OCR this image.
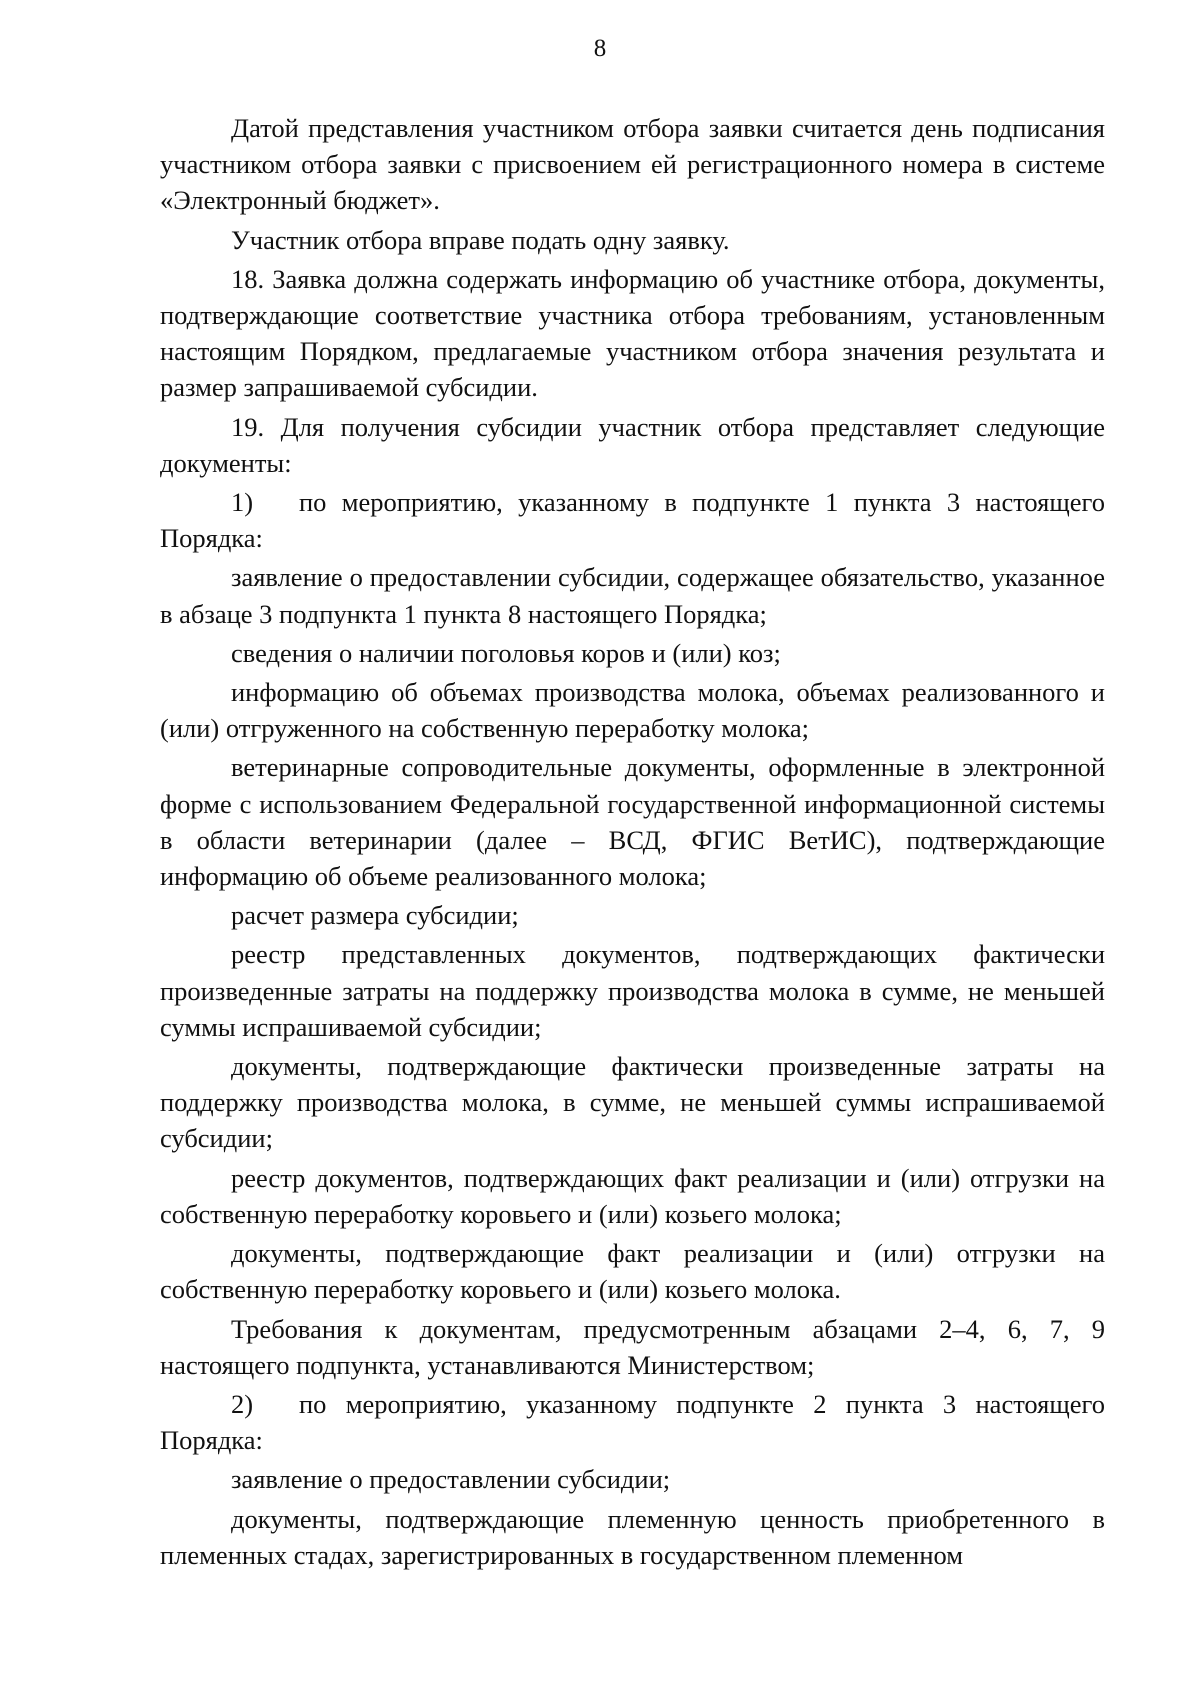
8

Датой представления участником отбора заявки считается день подписания участником отбора заявки с присвоением ей регистрационного номера в системе «Электронный бюджет».

Участник отбора вправе подать одну заявку.

18. Заявка должна содержать информацию об участнике отбора, документы, подтверждающие соответствие участника отбора требованиям, установленным настоящим Порядком, предлагаемые участником отбора значения результата и размер запрашиваемой субсидии.

19. Для получения субсидии участник отбора представляет следующие документы:

1) по мероприятию, указанному в подпункте 1 пункта 3 настоящего Порядка:

заявление о предоставлении субсидии, содержащее обязательство, указанное в абзаце 3 подпункта 1 пункта 8 настоящего Порядка;

сведения о наличии поголовья коров и (или) коз;

информацию об объемах производства молока, объемах реализованного и (или) отгруженного на собственную переработку молока;

ветеринарные сопроводительные документы, оформленные в электронной форме с использованием Федеральной государственной информационной системы в области ветеринарии (далее – ВСД, ФГИС ВетИС), подтверждающие информацию об объеме реализованного молока;

расчет размера субсидии;

реестр представленных документов, подтверждающих фактически произведенные затраты на поддержку производства молока в сумме, не меньшей суммы испрашиваемой субсидии;

документы, подтверждающие фактически произведенные затраты на поддержку производства молока, в сумме, не меньшей суммы испрашиваемой субсидии;

реестр документов, подтверждающих факт реализации и (или) отгрузки на собственную переработку коровьего и (или) козьего молока;

документы, подтверждающие факт реализации и (или) отгрузки на собственную переработку коровьего и (или) козьего молока.

Требования к документам, предусмотренным абзацами 2–4, 6, 7, 9 настоящего подпункта, устанавливаются Министерством;

2) по мероприятию, указанному подпункте 2 пункта 3 настоящего Порядка:

заявление о предоставлении субсидии;

документы, подтверждающие племенную ценность приобретенного в племенных стадах, зарегистрированных в государственном племенном
